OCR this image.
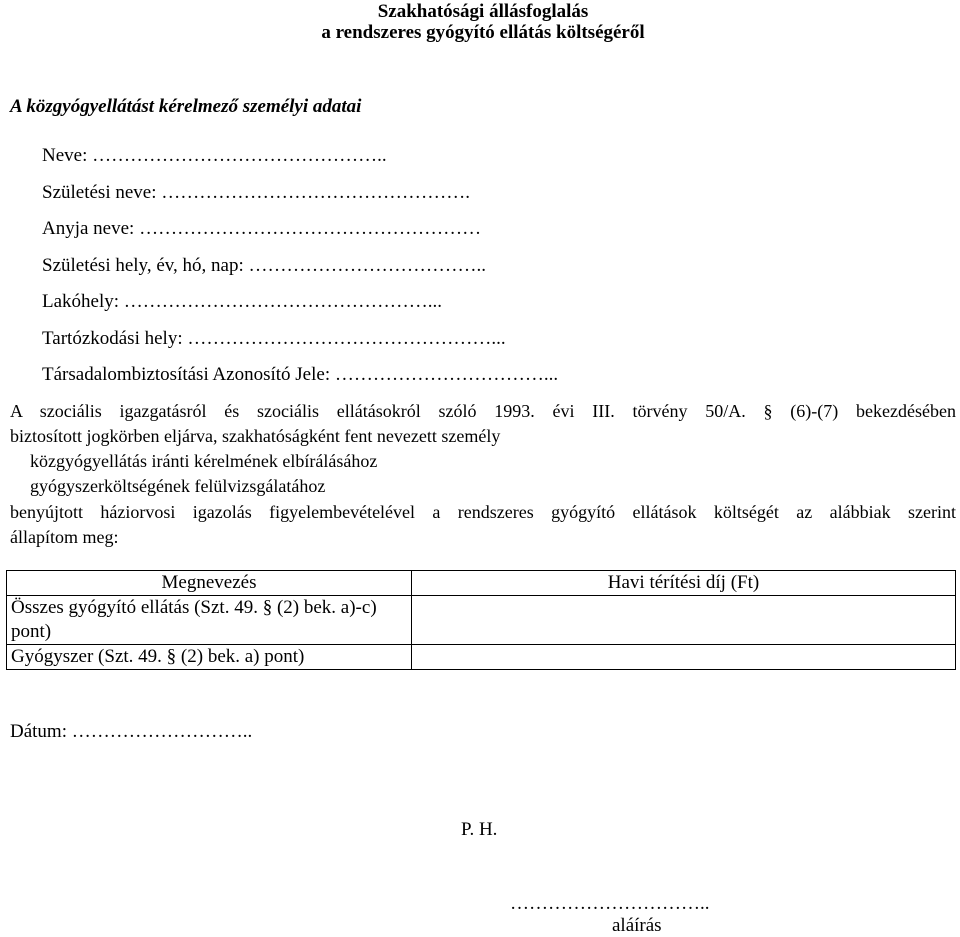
Szakhatósági állásfoglalás
a rendszeres gyógyító ellátás költségéről
A közgyógyellátást kérelmező személyi adatai
Neve: ………………………………………..
Születési neve: ………………………………………….
Anyja neve: ………………………………………………
Születési hely, év, hó, nap: ………………………………..
Lakóhely: …………………………………………...
Tartózkodási hely: …………………………………………...
Társadalombiztosítási Azonosító Jele: ……………………………...
A szociális igazgatásról és szociális ellátásokról szóló 1993. évi III. törvény 50/A. § (6)-(7) bekezdésében
biztosított jogkörben eljárva, szakhatóságként fent nevezett személy
közgyógyellátás iránti kérelmének elbírálásához
gyógyszerköltségének felülvizsgálatához
benyújtott háziorvosi igazolás figyelembevételével a rendszeres gyógyító ellátások költségét az alábbiak szerint
állapítom meg:
Megnevezés	Havi térítési díj (Ft)
Összes gyógyító ellátás (Szt. 49. § (2) bek. a)-c) pont)	
Gyógyszer (Szt. 49. § (2) bek. a) pont)	
Dátum: ………………………..
P. H.
…………………………..
aláírás
